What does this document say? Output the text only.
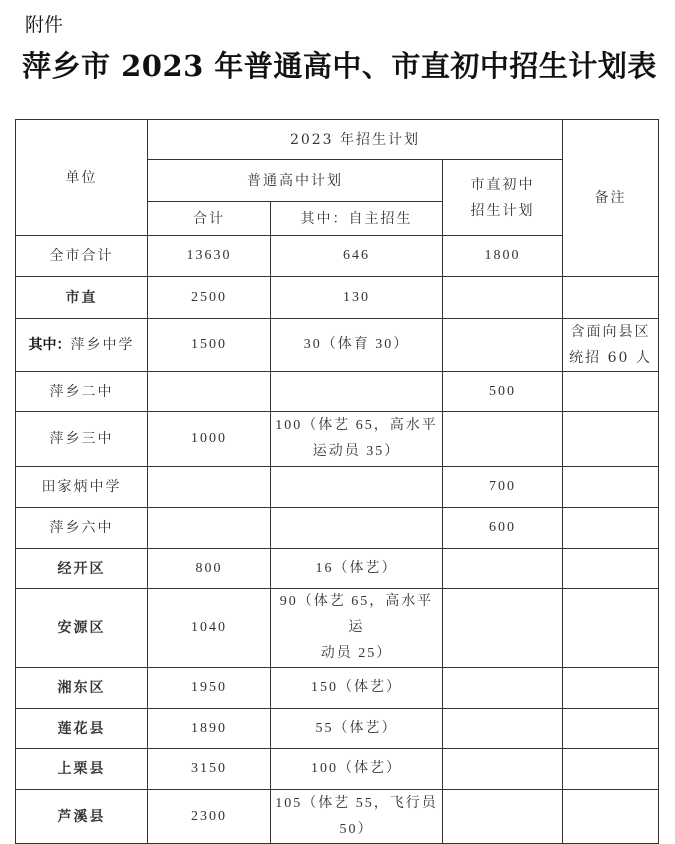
附件
萍乡市 2023 年普通高中、市直初中招生计划表
单位	2023 年招生计划			备注
	普通高中计划		市直初中
招生计划	

	合计	其中：自主招生		
全市合计	13630	646	1800	
市直	2500	130		
其中：萍乡中学	1500	30（体育 30）		含面向县区
统招 60 人

萍乡二中			500	
萍乡三中	1000	100（体艺 65，高水平
运动员 35）		

田家炳中学			700	
萍乡六中			600	
经开区	800	16（体艺）		
安源区	1040	90（体艺 65，高水平运
动员 25）		

湘东区	1950	150（体艺）		
莲花县	1890	55（体艺）		
上栗县	3150	100（体艺）		
芦溪县	2300	105（体艺 55，飞行员
50）		
